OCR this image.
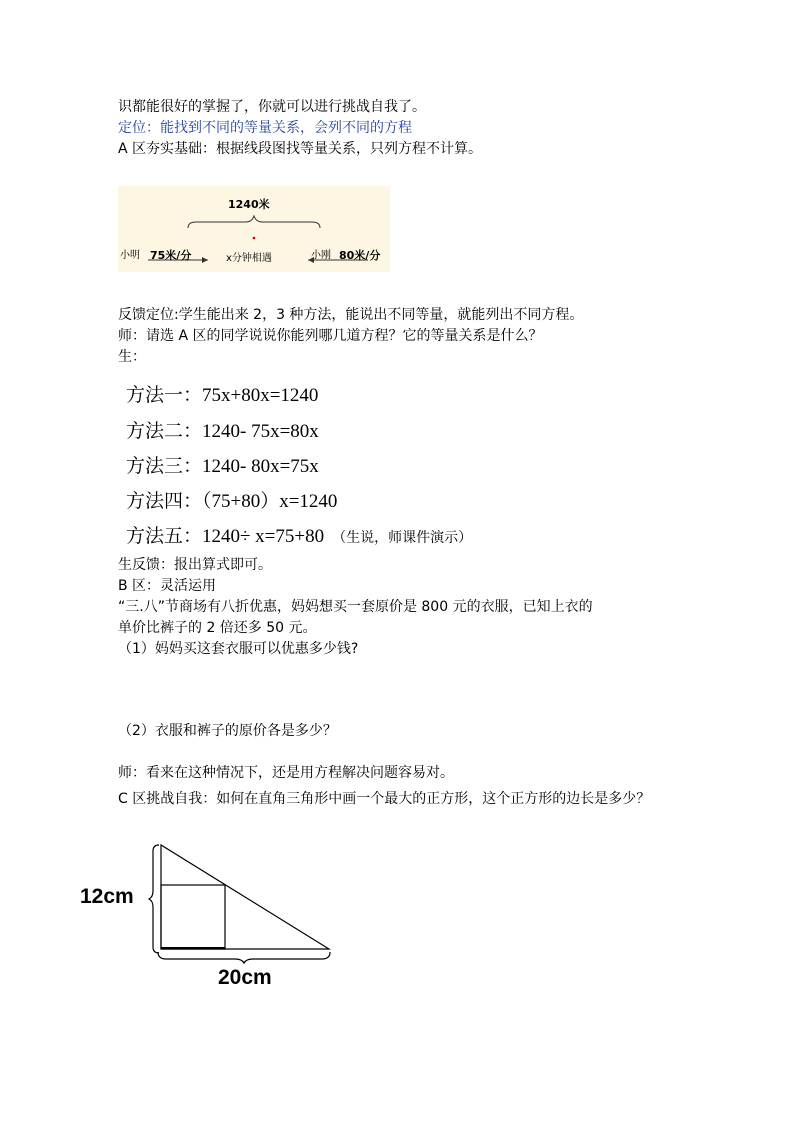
识都能很好的掌握了，你就可以进行挑战自我了。
定位：能找到不同的等量关系，会列不同的方程
A 区夯实基础：根据线段图找等量关系，只列方程不计算。
1240米
小明 75米/分	x分钟相遇	小刚 80米/分
反馈定位:学生能出来 2，3 种方法，能说出不同等量，就能列出不同方程。
师：请选 A 区的同学说说你能列哪几道方程？它的等量关系是什么？
生：
方法一：75x+80x=1240
方法二：1240- 75x=80x
方法三：1240- 80x=75x
方法四：（75+80）x=1240
方法五：1240÷ x=75+80 （生说，师课件演示）
生反馈：报出算式即可。
B 区：灵活运用
“三.八”节商场有八折优惠，妈妈想买一套原价是 800 元的衣服，已知上衣的
单价比裤子的 2 倍还多 50 元。
（1）妈妈买这套衣服可以优惠多少钱?
（2）衣服和裤子的原价各是多少？
师：看来在这种情况下，还是用方程解决问题容易对。
C 区挑战自我：如何在直角三角形中画一个最大的正方形，这个正方形的边长是多少？
12cm
20cm
